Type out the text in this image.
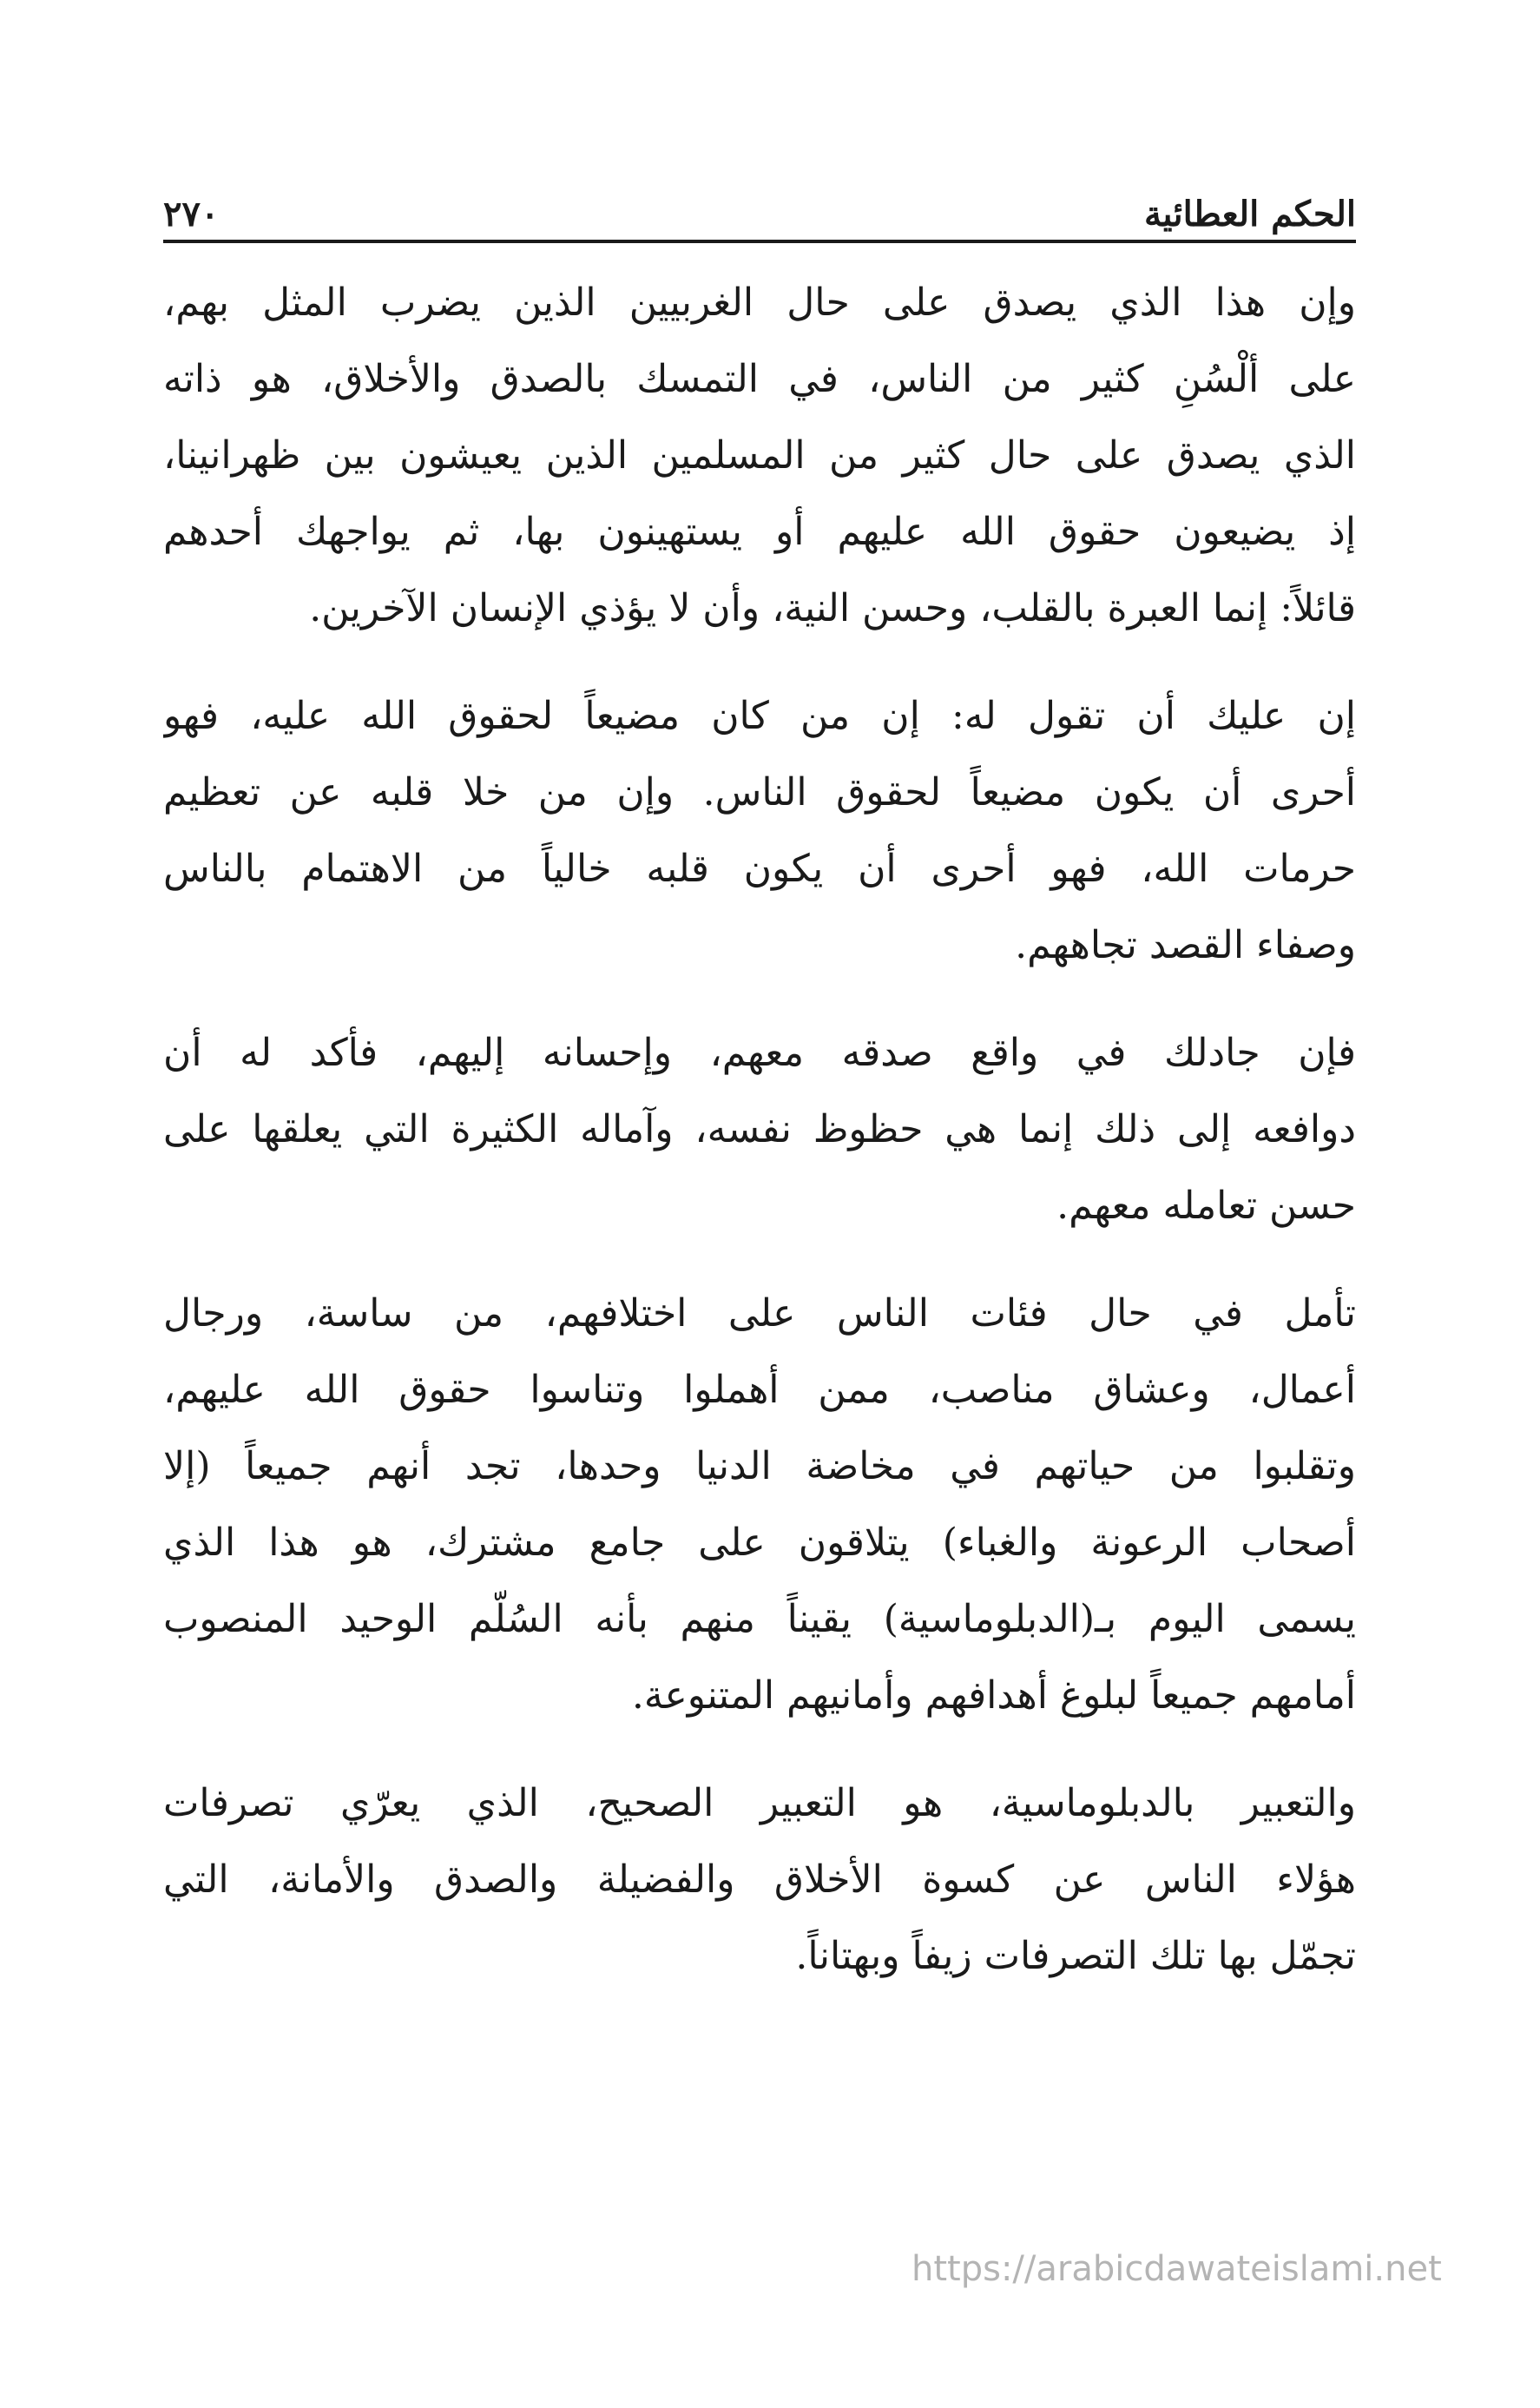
٢٧٠	الحكم العطائية

وإن هذا الذي يصدق على حال الغربيين الذين يضرب المثل بهم،
على ألْسُنِ كثير من الناس، في التمسك بالصدق والأخلاق، هو ذاته
الذي يصدق على حال كثير من المسلمين الذين يعيشون بين ظهرانينا،
إذ يضيعون حقوق الله عليهم أو يستهينون بها، ثم يواجهك أحدهم
قائلاً: إنما العبرة بالقلب، وحسن النية، وأن لا يؤذي الإنسان الآخرين.

إن عليك أن تقول له: إن من كان مضيعاً لحقوق الله عليه، فهو
أحرى أن يكون مضيعاً لحقوق الناس. وإن من خلا قلبه عن تعظيم
حرمات الله، فهو أحرى أن يكون قلبه خالياً من الاهتمام بالناس
وصفاء القصد تجاههم.

فإن جادلك في واقع صدقه معهم، وإحسانه إليهم، فأكد له أن
دوافعه إلى ذلك إنما هي حظوظ نفسه، وآماله الكثيرة التي يعلقها على
حسن تعامله معهم.

تأمل في حال فئات الناس على اختلافهم، من ساسة، ورجال
أعمال، وعشاق مناصب، ممن أهملوا وتناسوا حقوق الله عليهم،
وتقلبوا من حياتهم في مخاضة الدنيا وحدها، تجد أنهم جميعاً (إلا
أصحاب الرعونة والغباء) يتلاقون على جامع مشترك، هو هذا الذي
يسمى اليوم بـ(الدبلوماسية) يقيناً منهم بأنه السُلّم الوحيد المنصوب
أمامهم جميعاً لبلوغ أهدافهم وأمانيهم المتنوعة.

والتعبير بالدبلوماسية، هو التعبير الصحيح، الذي يعرّي تصرفات
هؤلاء الناس عن كسوة الأخلاق والفضيلة والصدق والأمانة، التي
تجمّل بها تلك التصرفات زيفاً وبهتاناً.

https://arabicdawateislami.net
